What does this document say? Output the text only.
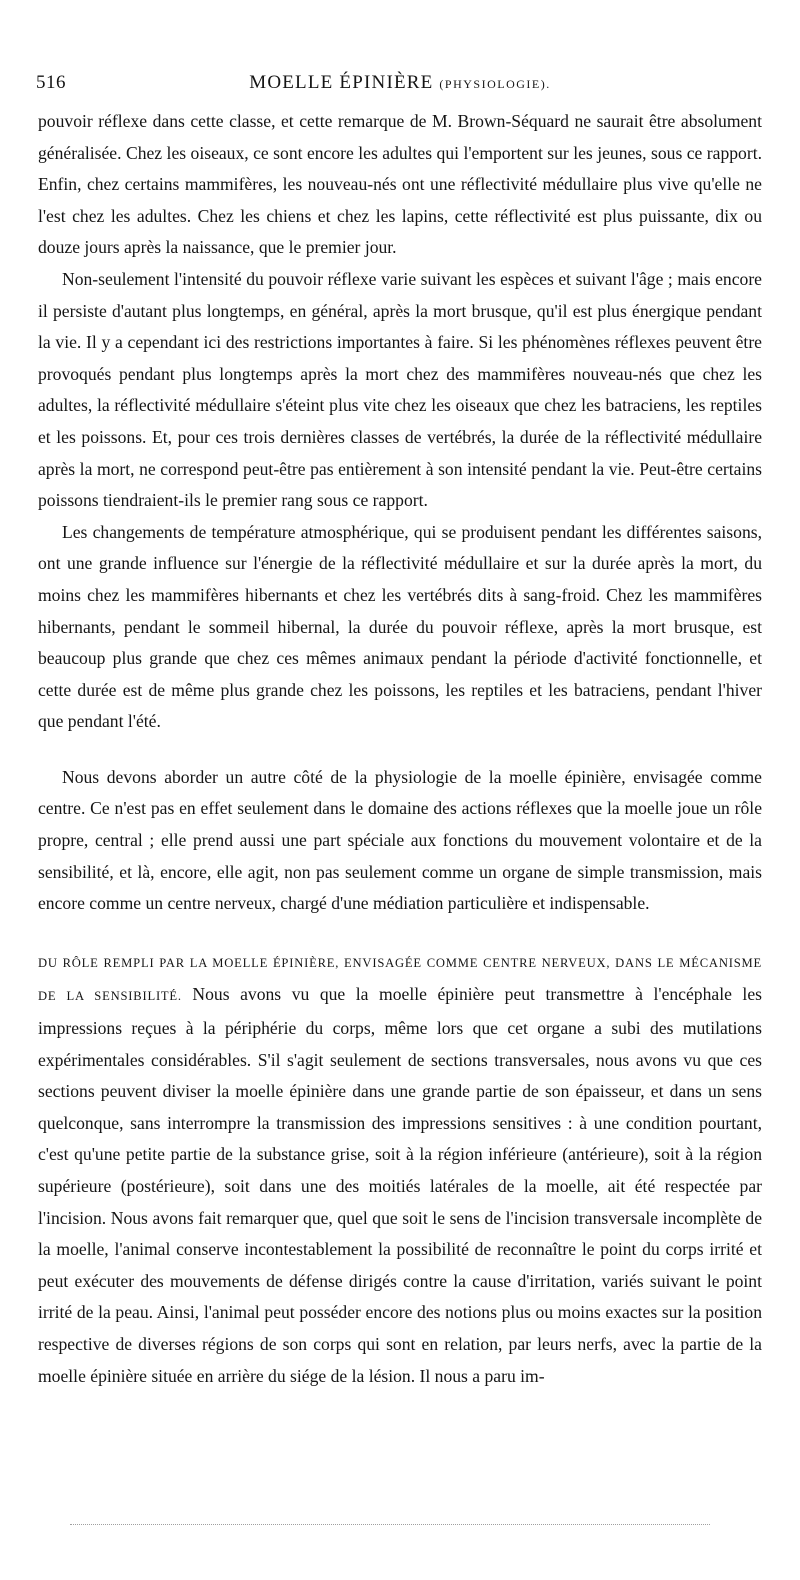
516	MOELLE ÉPINIÈRE (PHYSIOLOGIE).

pouvoir réflexe dans cette classe, et cette remarque de M. Brown-Séquard ne saurait être absolument généralisée. Chez les oiseaux, ce sont encore les adultes qui l'emportent sur les jeunes, sous ce rapport. Enfin, chez certains mammifères, les nouveau-nés ont une réflectivité médullaire plus vive qu'elle ne l'est chez les adultes. Chez les chiens et chez les lapins, cette réflectivité est plus puissante, dix ou douze jours après la naissance, que le premier jour.

Non-seulement l'intensité du pouvoir réflexe varie suivant les espèces et suivant l'âge ; mais encore il persiste d'autant plus longtemps, en général, après la mort brusque, qu'il est plus énergique pendant la vie. Il y a cependant ici des restrictions importantes à faire. Si les phénomènes réflexes peuvent être provoqués pendant plus longtemps après la mort chez des mammifères nouveau-nés que chez les adultes, la réflectivité médullaire s'éteint plus vite chez les oiseaux que chez les batraciens, les reptiles et les poissons. Et, pour ces trois dernières classes de vertébrés, la durée de la réflectivité médullaire après la mort, ne correspond peut-être pas entièrement à son intensité pendant la vie. Peut-être certains poissons tiendraient-ils le premier rang sous ce rapport.

Les changements de température atmosphérique, qui se produisent pendant les différentes saisons, ont une grande influence sur l'énergie de la réflectivité médullaire et sur la durée après la mort, du moins chez les mammifères hibernants et chez les vertébrés dits à sang-froid. Chez les mammifères hibernants, pendant le sommeil hibernal, la durée du pouvoir réflexe, après la mort brusque, est beaucoup plus grande que chez ces mêmes animaux pendant la période d'activité fonctionnelle, et cette durée est de même plus grande chez les poissons, les reptiles et les batraciens, pendant l'hiver que pendant l'été.

Nous devons aborder un autre côté de la physiologie de la moelle épinière, envisagée comme centre. Ce n'est pas en effet seulement dans le domaine des actions réflexes que la moelle joue un rôle propre, central ; elle prend aussi une part spéciale aux fonctions du mouvement volontaire et de la sensibilité, et là, encore, elle agit, non pas seulement comme un organe de simple transmission, mais encore comme un centre nerveux, chargé d'une médiation particulière et indispensable.

DU RÔLE REMPLI PAR LA MOELLE ÉPINIÈRE, ENVISAGÉE COMME CENTRE NERVEUX, DANS LE MÉCANISME DE LA SENSIBILITÉ. Nous avons vu que la moelle épinière peut transmettre à l'encéphale les impressions reçues à la périphérie du corps, même lors que cet organe a subi des mutilations expérimentales considérables. S'il s'agit seulement de sections transversales, nous avons vu que ces sections peuvent diviser la moelle épinière dans une grande partie de son épaisseur, et dans un sens quelconque, sans interrompre la transmission des impressions sensitives : à une condition pourtant, c'est qu'une petite partie de la substance grise, soit à la région inférieure (antérieure), soit à la région supérieure (postérieure), soit dans une des moitiés latérales de la moelle, ait été respectée par l'incision. Nous avons fait remarquer que, quel que soit le sens de l'incision transversale incomplète de la moelle, l'animal conserve incontestablement la possibilité de reconnaître le point du corps irrité et peut exécuter des mouvements de défense dirigés contre la cause d'irritation, variés suivant le point irrité de la peau. Ainsi, l'animal peut posséder encore des notions plus ou moins exactes sur la position respective de diverses régions de son corps qui sont en relation, par leurs nerfs, avec la partie de la moelle épinière située en arrière du siége de la lésion. Il nous a paru im-
